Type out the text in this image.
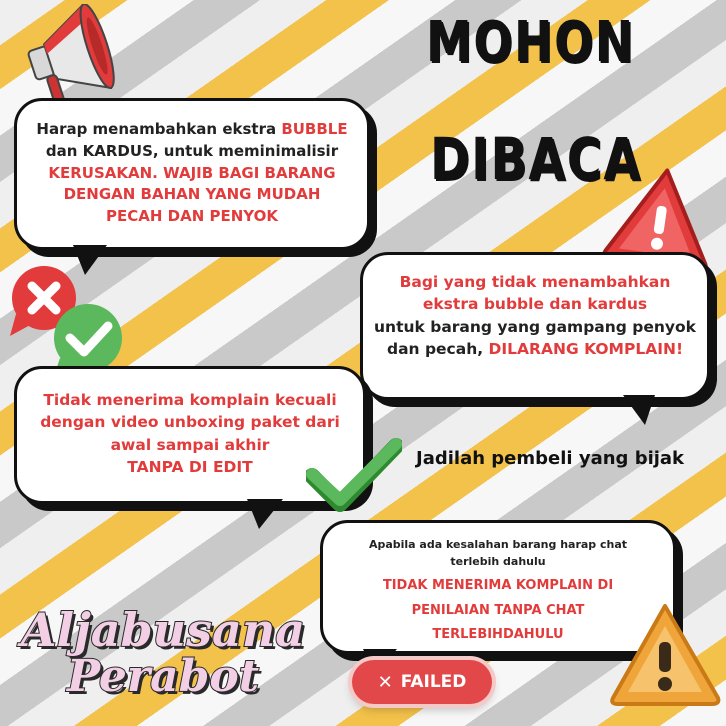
MOHON
DIBACA
Harap menambahkan ekstra BUBBLE
dan KARDUS, untuk meminimalisir
KERUSAKAN. WAJIB BAGI BARANG DENGAN BAHAN YANG MUDAH PECAH DAN PENYOK
Bagi yang tidak menambahkan ekstra bubble dan kardus untuk barang yang gampang penyok dan pecah, DILARANG KOMPLAIN!
Tidak menerima komplain kecuali dengan video unboxing paket dari awal sampai akhir TANPA DI EDIT	Jadilah pembeli yang bijak
Apabila ada kesalahan barang harap chat terlebih dahulu
TIDAK MENERIMA KOMPLAIN DI PENILAIAN TANPA CHAT TERLEBIHDAHULU
Aljabusana
Perabot	✕ FAILED
